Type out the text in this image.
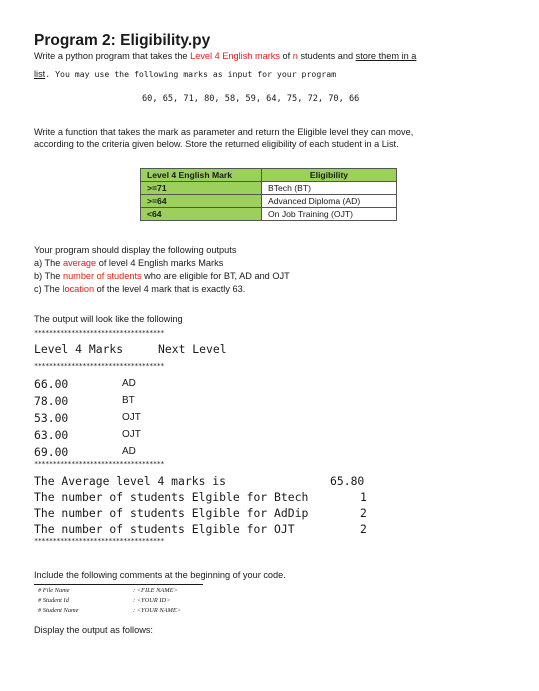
Program 2: Eligibility.py
Write a python program that takes the Level 4 English marks of n students and store them in a
list. You may use the following marks as input for your program
60, 65, 71, 80, 58, 59, 64, 75, 72, 70, 66
Write a function that takes the mark as parameter and return the Eligible level they can move,
according to the criteria given below. Store the returned eligibility of each student in a List.
Level 4 English Mark	Eligibility
>=71	BTech (BT)
>=64	Advanced Diploma (AD)
<64	On Job Training (OJT)
Your program should display the following outputs
a) The average of level 4 English marks Marks
b) The number of students who are eligible for BT, AD and OJT
c) The location of the level 4 mark that is exactly 63.
The output will look like the following
***********************************
Level 4 Marks	Next Level
***********************************
66.00	AD
78.00	BT
53.00	OJT
63.00	OJT
69.00	AD
***********************************
The Average level 4 marks is	65.80
The number of students Elgible for Btech	1
The number of students Elgible for AdDip	2
The number of students Elgible for OJT	2
***********************************
Include the following comments at the beginning of your code.
# File Name	: <FILE NAME>
# Student Id	: <YOUR ID>
# Student Name	: <YOUR NAME>
Display the output as follows:
